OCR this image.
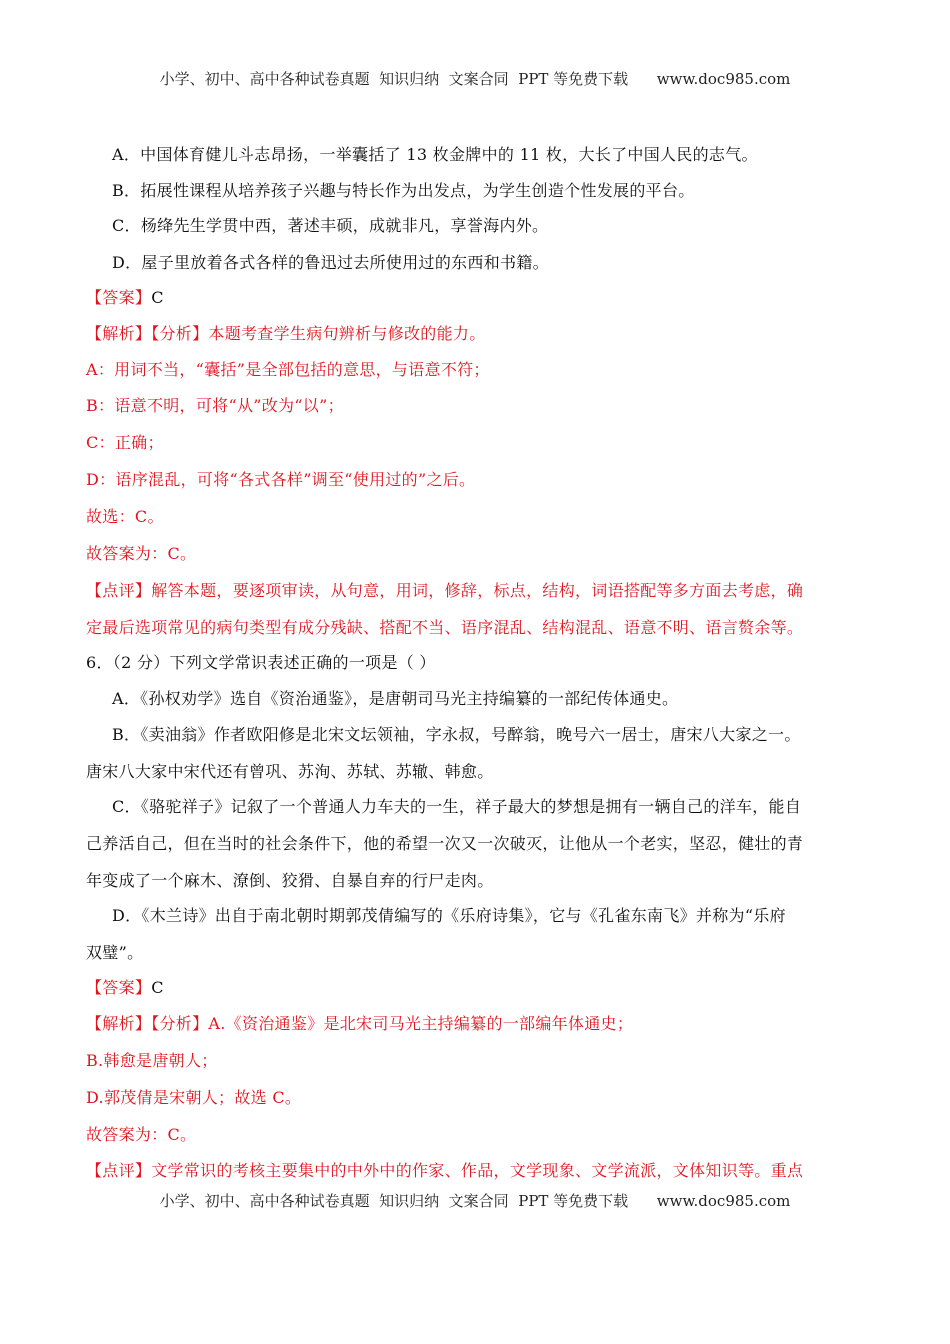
小学、初中、高中各种试卷真题  知识归纳  文案合同  PPT 等免费下载      www.doc985.com
A．中国体育健儿斗志昂扬，一举囊括了 13 枚金牌中的 11 枚，大长了中国人民的志气。
B．拓展性课程从培养孩子兴趣与特长作为出发点，为学生创造个性发展的平台。
C．杨绛先生学贯中西，著述丰硕，成就非凡，享誉海内外。
D．屋子里放着各式各样的鲁迅过去所使用过的东西和书籍。
【答案】C
【解析】【分析】本题考查学生病句辨析与修改的能力。
A：用词不当，“囊括”是全部包括的意思，与语意不符；
B：语意不明，可将“从”改为“以”；
C：正确；
D：语序混乱，可将“各式各样”调至“使用过的”之后。
故选：C。
故答案为：C。
【点评】解答本题，要逐项审读，从句意，用词，修辞，标点，结构，词语搭配等多方面去考虑，确
定最后选项常见的病句类型有成分残缺、搭配不当、语序混乱、结构混乱、语意不明、语言赘余等。
6．（2 分）下列文学常识表述正确的一项是（ ）
A．《孙权劝学》选自《资治通鉴》，是唐朝司马光主持编纂的一部纪传体通史。
B．《卖油翁》作者欧阳修是北宋文坛领袖，字永叔，号醉翁，晚号六一居士，唐宋八大家之一。
唐宋八大家中宋代还有曾巩、苏洵、苏轼、苏辙、韩愈。
C．《骆驼祥子》记叙了一个普通人力车夫的一生，祥子最大的梦想是拥有一辆自己的洋车，能自
己养活自己，但在当时的社会条件下，他的希望一次又一次破灭，让他从一个老实，坚忍，健壮的青
年变成了一个麻木、潦倒、狡猾、自暴自弃的行尸走肉。
D．《木兰诗》出自于南北朝时期郭茂倩编写的《乐府诗集》，它与《孔雀东南飞》并称为“乐府
双璧”。
【答案】C
【解析】【分析】A.《资治通鉴》是北宋司马光主持编纂的一部编年体通史；
B.韩愈是唐朝人；
D.郭茂倩是宋朝人；故选 C。
故答案为：C。
【点评】文学常识的考核主要集中的中外中的作家、作品，文学现象、文学流派，文体知识等。重点
小学、初中、高中各种试卷真题  知识归纳  文案合同  PPT 等免费下载      www.doc985.com
